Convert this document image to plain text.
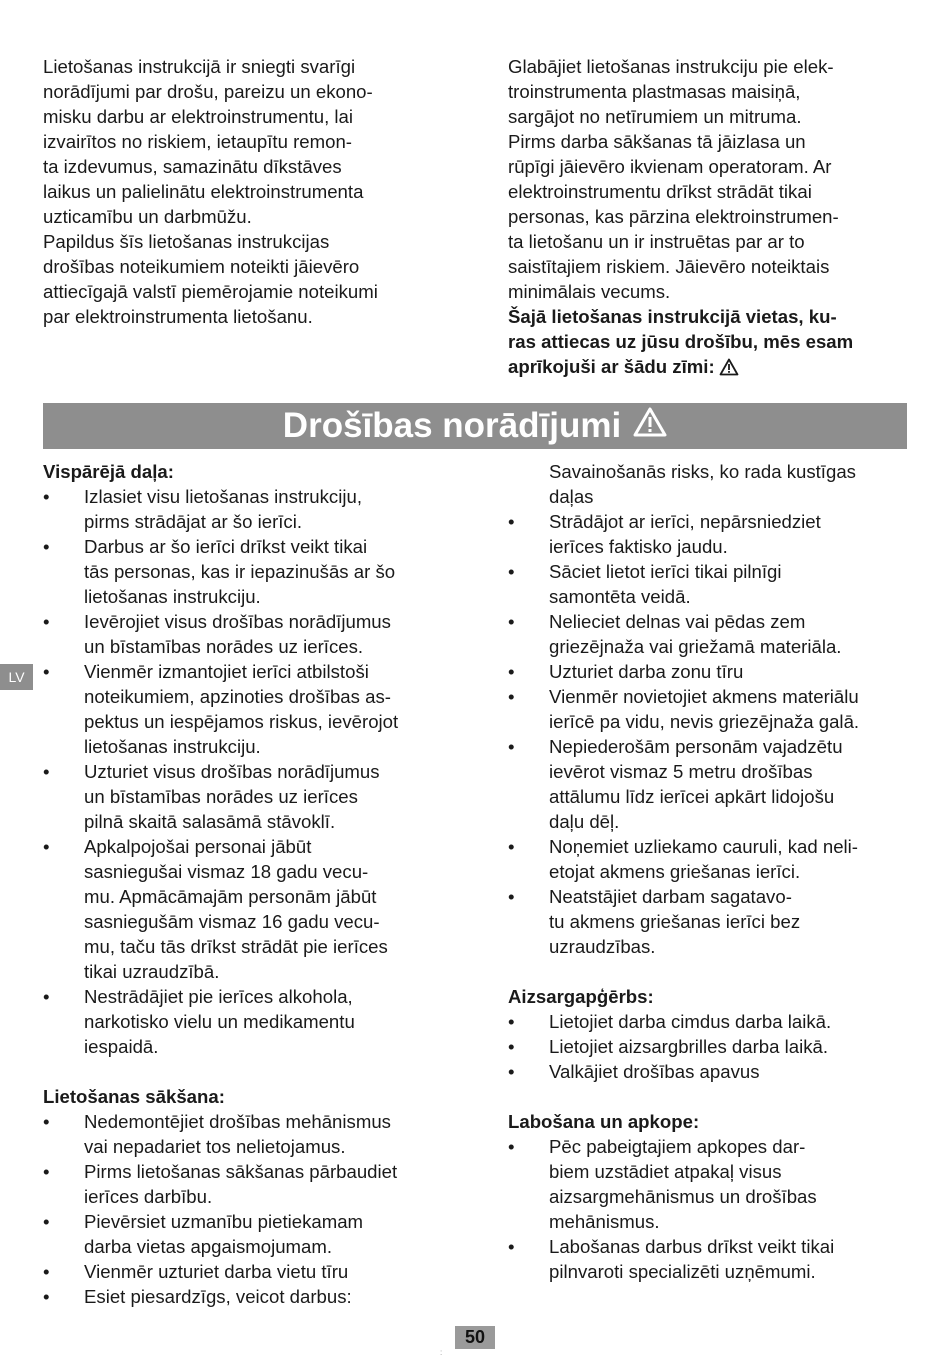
Lietošanas instrukcijā ir sniegti svarīgi
norādījumi par drošu, pareizu un ekono-
misku darbu ar elektroinstrumentu, lai
izvairītos no riskiem, ietaupītu remon-
ta izdevumus, samazinātu dīkstāves
laikus un palielinātu elektroinstrumenta
uzticamību un darbmūžu.
Papildus šīs lietošanas instrukcijas
drošības noteikumiem noteikti jāievēro
attiecīgajā valstī piemērojamie noteikumi
par elektroinstrumenta lietošanu.
Glabājiet lietošanas instrukciju pie elek-
troinstrumenta plastmasas maisiņā,
sargājot no netīrumiem un mitruma.
Pirms darba sākšanas tā jāizlasa un
rūpīgi jāievēro ikvienam operatoram. Ar
elektroinstrumentu drīkst strādāt tikai
personas, kas pārzina elektroinstrumen-
ta lietošanu un ir instruētas par ar to
saistītajiem riskiem. Jāievēro noteiktais
minimālais vecums.
Šajā lietošanas instrukcijā vietas, ku-
ras attiecas uz jūsu drošību, mēs esam
aprīkojuši ar šādu zīmi:
Drošības norādījumi
LV
Vispārējā daļa:
•	Izlasiet visu lietošanas instrukciju,
pirms strādājat ar šo ierīci.
•	Darbus ar šo ierīci drīkst veikt tikai
tās personas, kas ir iepazinušās ar šo
lietošanas instrukciju.
•	Ievērojiet visus drošības norādījumus
un bīstamības norādes uz ierīces.
•	Vienmēr izmantojiet ierīci atbilstoši
noteikumiem, apzinoties drošības as-
pektus un iespējamos riskus, ievērojot
lietošanas instrukciju.
•	Uzturiet visus drošības norādījumus
un bīstamības norādes uz ierīces
pilnā skaitā salasāmā stāvoklī.
•	Apkalpojošai personai jābūt
sasniegušai vismaz 18 gadu vecu-
mu. Apmācāmajām personām jābūt
sasniegušām vismaz 16 gadu vecu-
mu, taču tās drīkst strādāt pie ierīces
tikai uzraudzībā.
•	Nestrādājiet pie ierīces alkohola,
narkotisko vielu un medikamentu
iespaidā.
Lietošanas sākšana:
•	Nedemontējiet drošības mehānismus
vai nepadariet tos nelietojamus.
•	Pirms lietošanas sākšanas pārbaudiet
ierīces darbību.
•	Pievērsiet uzmanību pietiekamam
darba vietas apgaismojumam.
•	Vienmēr uzturiet darba vietu tīru
•	Esiet piesardzīgs, veicot darbus:
Savainošanās risks, ko rada kustīgas
daļas
•	Strādājot ar ierīci, nepārsniedziet
ierīces faktisko jaudu.
•	Sāciet lietot ierīci tikai pilnīgi
samontēta veidā.
•	Nelieciet delnas vai pēdas zem
griezējnaža vai griežamā materiāla.
•	Uzturiet darba zonu tīru
•	Vienmēr novietojiet akmens materiālu
ierīcē pa vidu, nevis griezējnaža galā.
•	Nepiederošām personām vajadzētu
ievērot vismaz 5 metru drošības
attālumu līdz ierīcei apkārt lidojošu
daļu dēļ.
•	Noņemiet uzliekamo cauruli, kad neli-
etojat akmens griešanas ierīci.
•	Neatstājiet darbam sagatavo-
tu akmens griešanas ierīci bez
uzraudzības.
Aizsargapģērbs:
•	Lietojiet darba cimdus darba laikā.
•	Lietojiet aizsargbrilles darba laikā.
•	Valkājiet drošības apavus
Labošana un apkope:
•	Pēc pabeigtajiem apkopes dar-
biem uzstādiet atpakaļ visus
aizsargmehānismus un drošības
mehānismus.
•	Labošanas darbus drīkst veikt tikai
pilnvaroti specializēti uzņēmumi.
50
:
